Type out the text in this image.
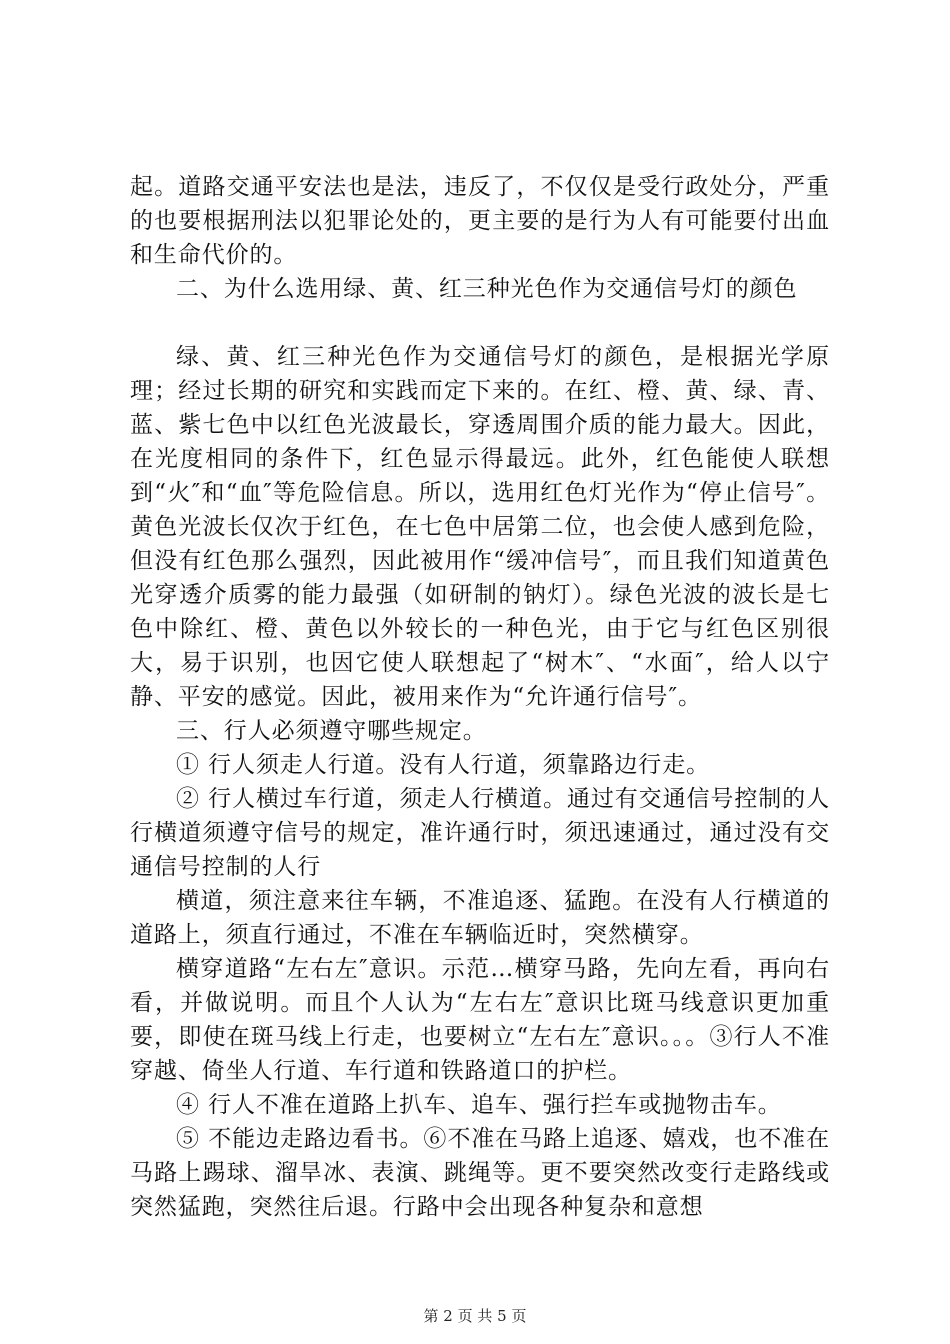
起。道路交通平安法也是法，违反了，不仅仅是受行政处分，严重的也要根据刑法以犯罪论处的，更主要的是行为人有可能要付出血和生命代价的。

二、为什么选用绿、黄、红三种光色作为交通信号灯的颜色

绿、黄、红三种光色作为交通信号灯的颜色，是根据光学原理；经过长期的研究和实践而定下来的。在红、橙、黄、绿、青、蓝、紫七色中以红色光波最长，穿透周围介质的能力最大。因此，在光度相同的条件下，红色显示得最远。此外，红色能使人联想到“火″和“血″等危险信息。所以，选用红色灯光作为“停止信号″。黄色光波长仅次于红色，在七色中居第二位，也会使人感到危险，但没有红色那么强烈，因此被用作“缓冲信号″，而且我们知道黄色光穿透介质雾的能力最强（如研制的钠灯）。绿色光波的波长是七色中除红、橙、黄色以外较长的一种色光，由于它与红色区别很大，易于识别，也因它使人联想起了“树木″、“水面″，给人以宁静、平安的感觉。因此，被用来作为“允许通行信号″。

三、行人必须遵守哪些规定。

① 行人须走人行道。没有人行道，须靠路边行走。

② 行人横过车行道，须走人行横道。通过有交通信号控制的人行横道须遵守信号的规定，准许通行时，须迅速通过，通过没有交通信号控制的人行

横道，须注意来往车辆，不准追逐、猛跑。在没有人行横道的道路上，须直行通过，不准在车辆临近时，突然横穿。

横穿道路“左右左″意识。示范…横穿马路，先向左看，再向右看，并做说明。而且个人认为“左右左″意识比斑马线意识更加重要，即使在斑马线上行走，也要树立“左右左″意识。。。③行人不准穿越、倚坐人行道、车行道和铁路道口的护栏。

④ 行人不准在道路上扒车、追车、强行拦车或抛物击车。

⑤ 不能边走路边看书。⑥不准在马路上追逐、嬉戏，也不准在马路上踢球、溜旱冰、表演、跳绳等。更不要突然改变行走路线或突然猛跑，突然往后退。行路中会出现各种复杂和意想

第 2 页 共 5 页
